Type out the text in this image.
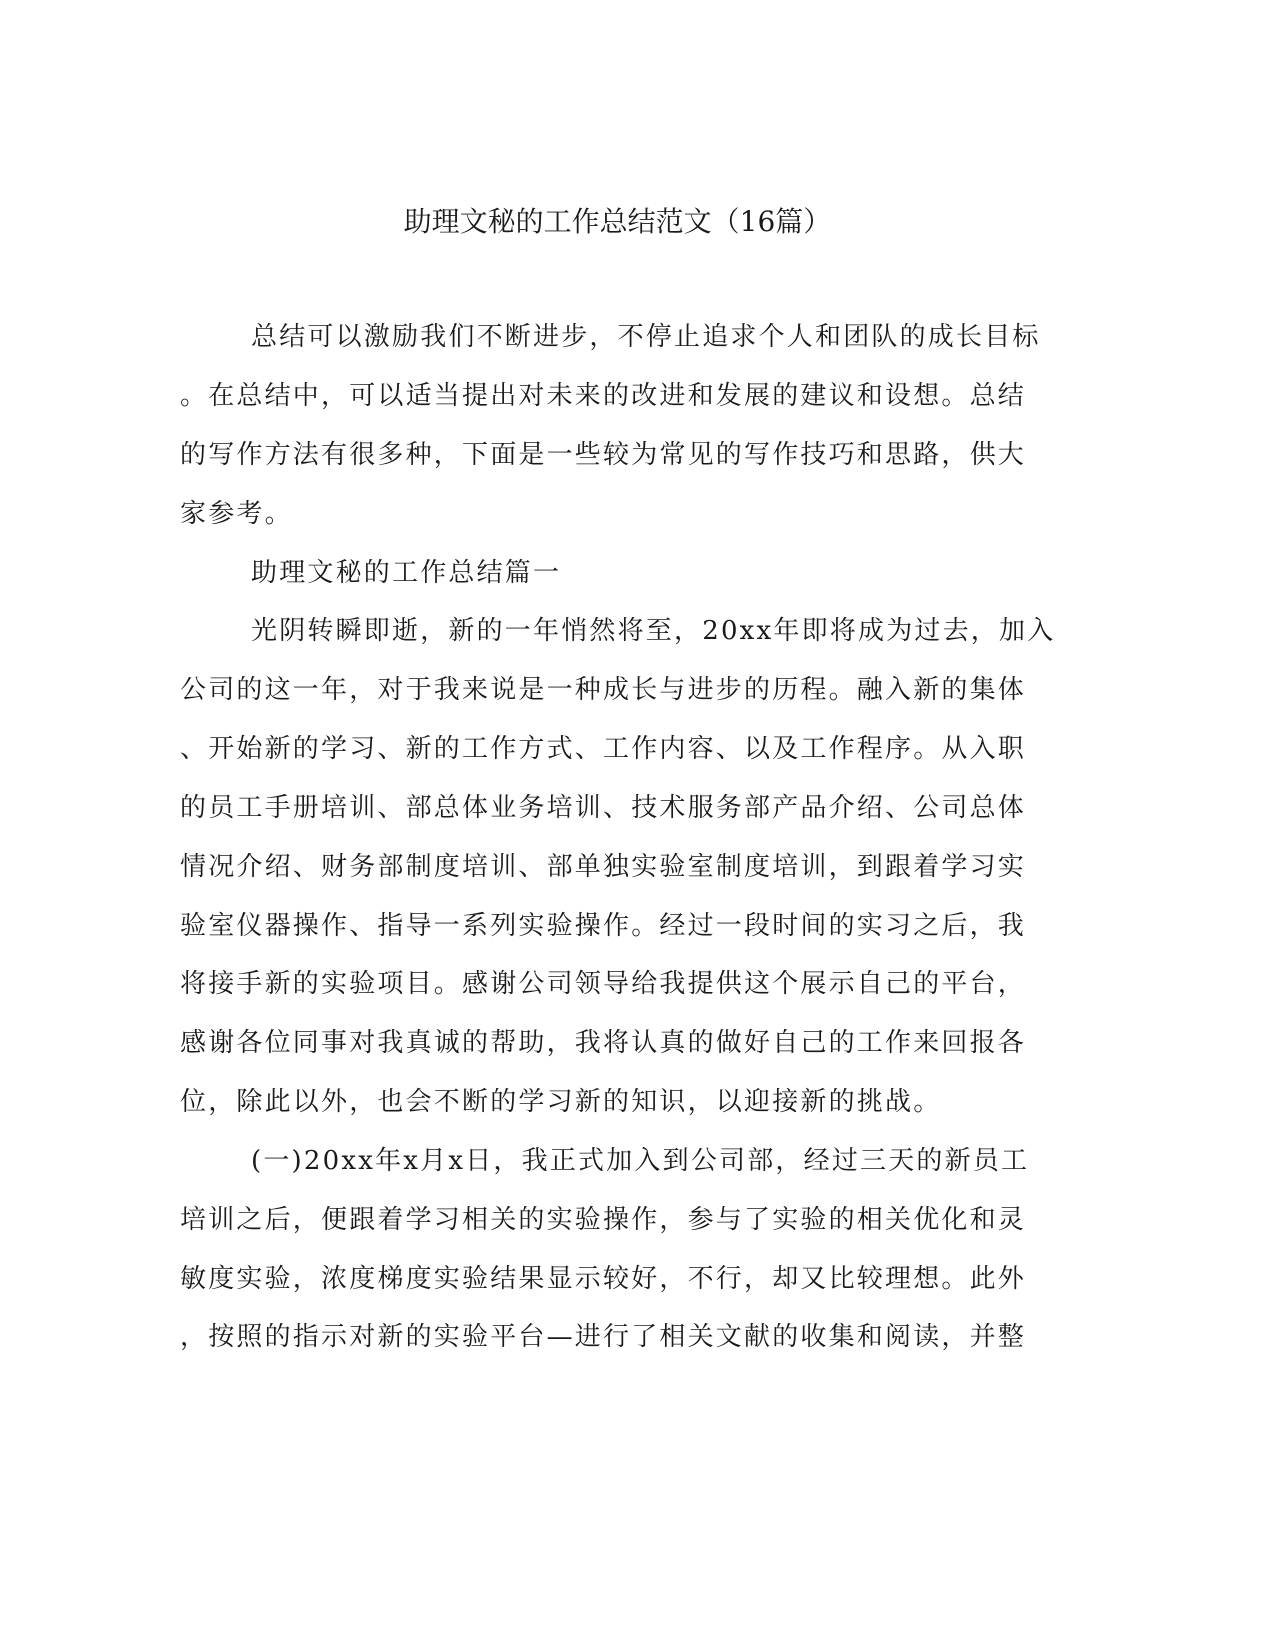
助理文秘的工作总结范文（16篇）

总结可以激励我们不断进步，不停止追求个人和团队的成长目标

。在总结中，可以适当提出对未来的改进和发展的建议和设想。总结

的写作方法有很多种，下面是一些较为常见的写作技巧和思路，供大

家参考。

助理文秘的工作总结篇一

光阴转瞬即逝，新的一年悄然将至，20xx年即将成为过去，加入

公司的这一年，对于我来说是一种成长与进步的历程。融入新的集体

、开始新的学习、新的工作方式、工作内容、以及工作程序。从入职

的员工手册培训、部总体业务培训、技术服务部产品介绍、公司总体

情况介绍、财务部制度培训、部单独实验室制度培训，到跟着学习实

验室仪器操作、指导一系列实验操作。经过一段时间的实习之后，我

将接手新的实验项目。感谢公司领导给我提供这个展示自己的平台，

感谢各位同事对我真诚的帮助，我将认真的做好自己的工作来回报各

位，除此以外，也会不断的学习新的知识，以迎接新的挑战。

(一)20xx年x月x日，我正式加入到公司部，经过三天的新员工

培训之后，便跟着学习相关的实验操作，参与了实验的相关优化和灵

敏度实验，浓度梯度实验结果显示较好，不行，却又比较理想。此外

，按照的指示对新的实验平台—进行了相关文献的收集和阅读，并整
